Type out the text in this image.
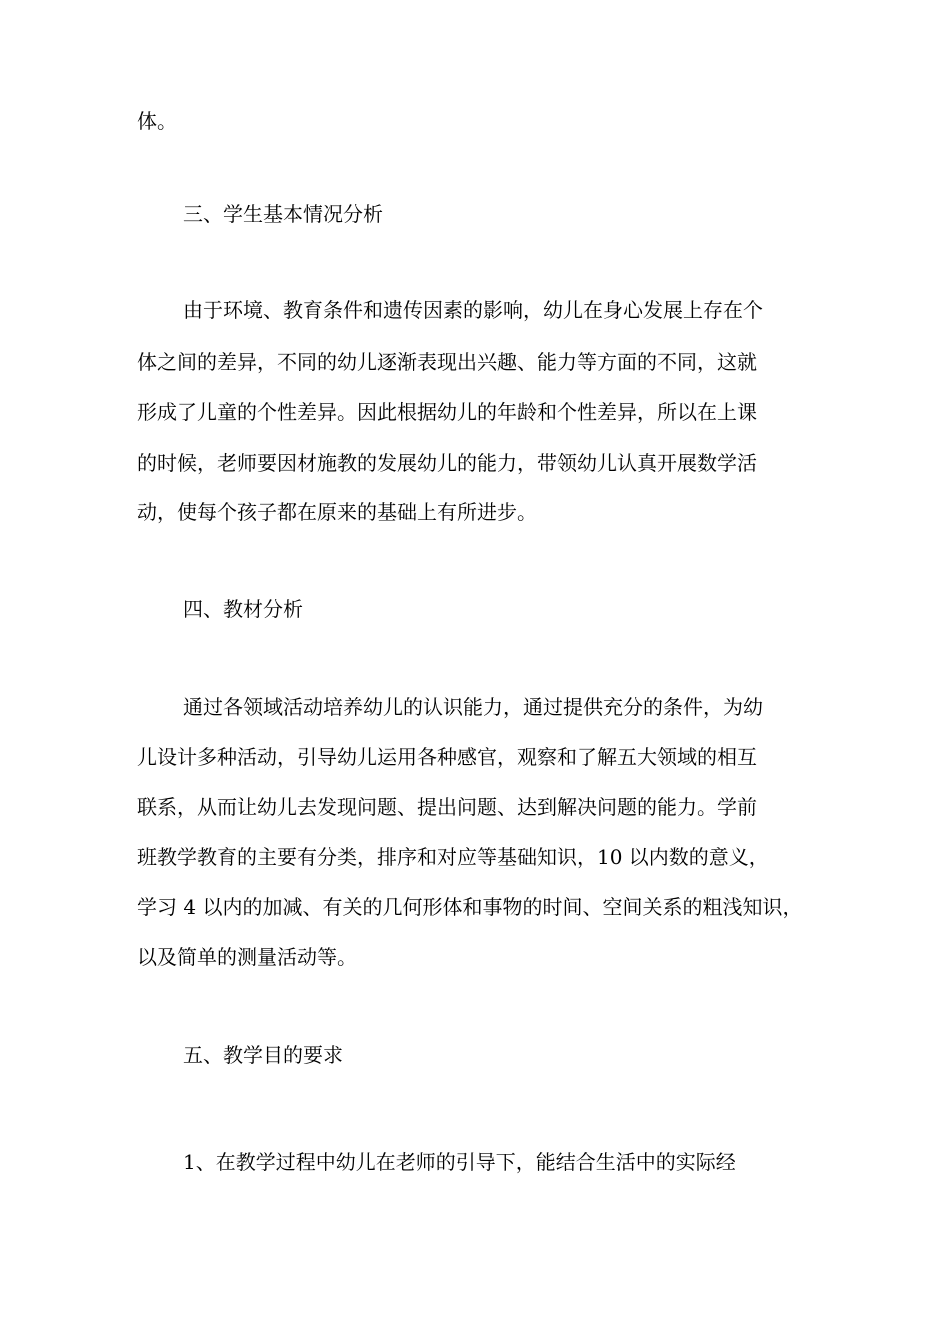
体。
三、学生基本情况分析
由于环境、教育条件和遗传因素的影响，幼儿在身心发展上存在个
体之间的差异，不同的幼儿逐渐表现出兴趣、能力等方面的不同，这就
形成了儿童的个性差异。因此根据幼儿的年龄和个性差异，所以在上课
的时候，老师要因材施教的发展幼儿的能力，带领幼儿认真开展数学活
动，使每个孩子都在原来的基础上有所进步。
四、教材分析
通过各领域活动培养幼儿的认识能力，通过提供充分的条件，为幼
儿设计多种活动，引导幼儿运用各种感官，观察和了解五大领域的相互
联系，从而让幼儿去发现问题、提出问题、达到解决问题的能力。学前
班教学教育的主要有分类，排序和对应等基础知识，10 以内数的意义，
学习 4 以内的加减、有关的几何形体和事物的时间、空间关系的粗浅知识，
以及简单的测量活动等。
五、教学目的要求
1、在教学过程中幼儿在老师的引导下，能结合生活中的实际经
